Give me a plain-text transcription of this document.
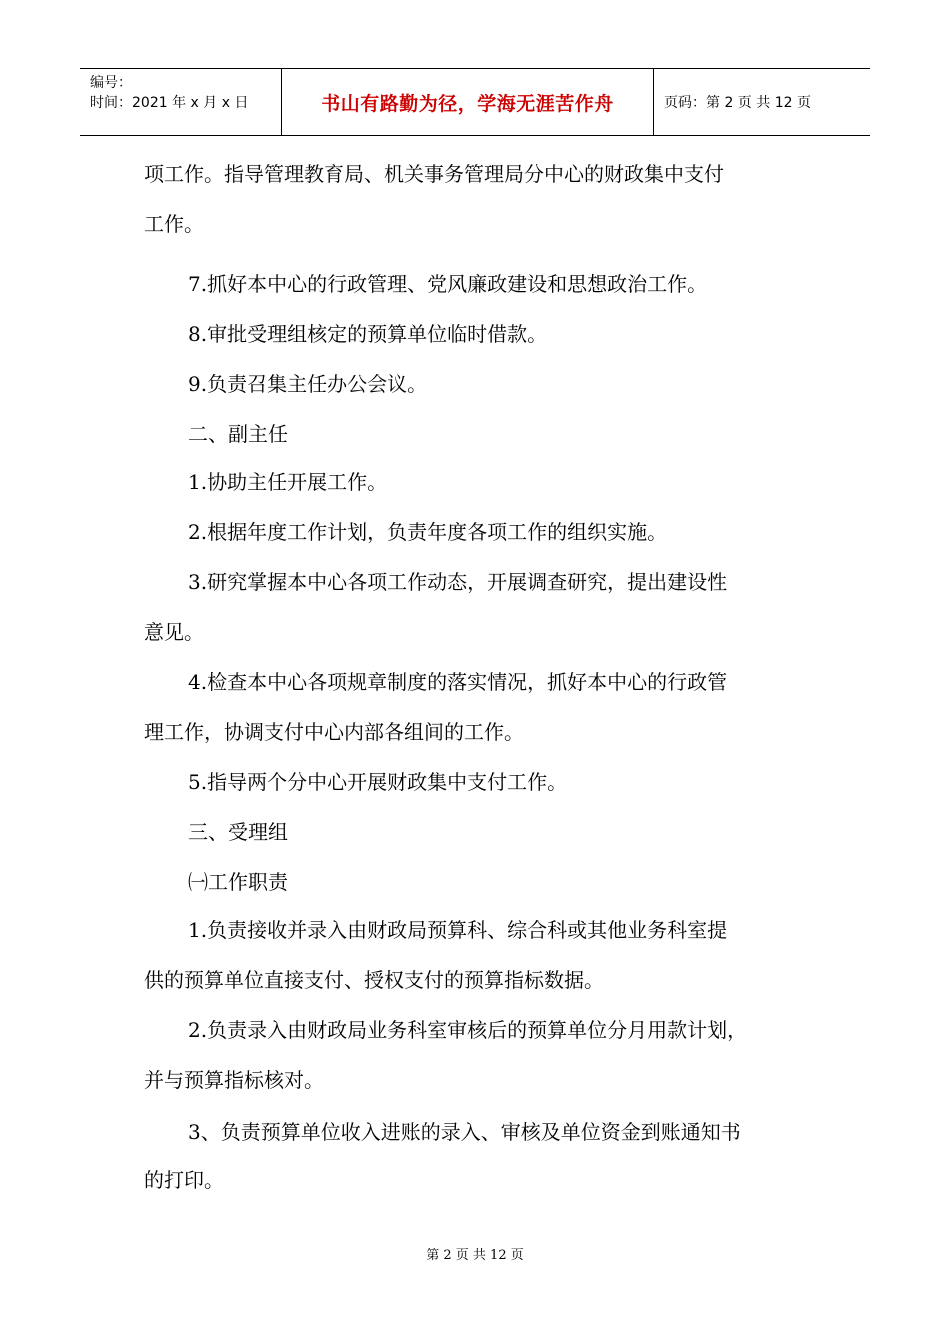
编号：
时间：2021 年 x 月 x 日	书山有路勤为径，学海无涯苦作舟	页码：第 2 页 共 12 页
项工作。指导管理教育局、机关事务管理局分中心的财政集中支付
工作。
7.抓好本中心的行政管理、党风廉政建设和思想政治工作。
8.审批受理组核定的预算单位临时借款。
9.负责召集主任办公会议。
二、副主任
1.协助主任开展工作。
2.根据年度工作计划，负责年度各项工作的组织实施。
3.研究掌握本中心各项工作动态，开展调查研究，提出建设性
意见。
4.检查本中心各项规章制度的落实情况，抓好本中心的行政管
理工作，协调支付中心内部各组间的工作。
5.指导两个分中心开展财政集中支付工作。
三、受理组
㈠工作职责
1.负责接收并录入由财政局预算科、综合科或其他业务科室提
供的预算单位直接支付、授权支付的预算指标数据。
2.负责录入由财政局业务科室审核后的预算单位分月用款计划，
并与预算指标核对。
3、负责预算单位收入进账的录入、审核及单位资金到账通知书
的打印。
第 2 页 共 12 页
